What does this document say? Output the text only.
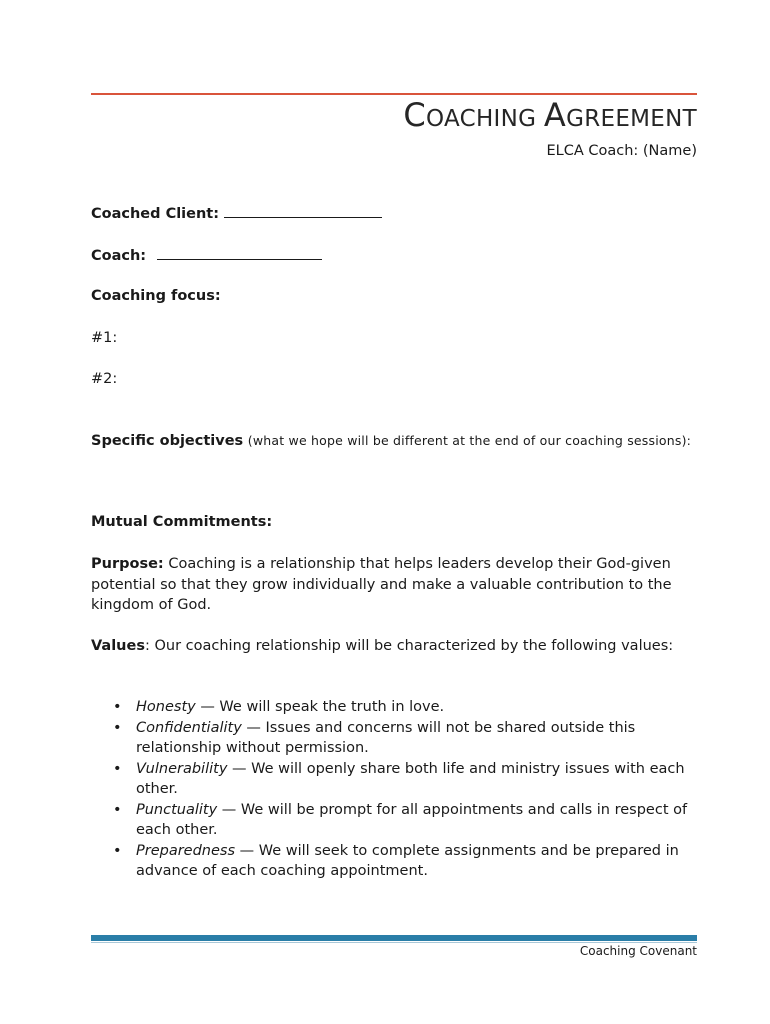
COACHING AGREEMENT
ELCA Coach: (Name)
Coached Client:
Coach:
Coaching focus:
#1:
#2:
Specific objectives (what we hope will be different at the end of our coaching sessions):
Mutual Commitments:
Purpose: Coaching is a relationship that helps leaders develop their God-given potential so that they grow individually and make a valuable contribution to the kingdom of God.
Values: Our coaching relationship will be characterized by the following values:
• Honesty — We will speak the truth in love.
• Confidentiality — Issues and concerns will not be shared outside this relationship without permission.
• Vulnerability — We will openly share both life and ministry issues with each other.
• Punctuality — We will be prompt for all appointments and calls in respect of each other.
• Preparedness — We will seek to complete assignments and be prepared in advance of each coaching appointment.
Coaching Covenant
